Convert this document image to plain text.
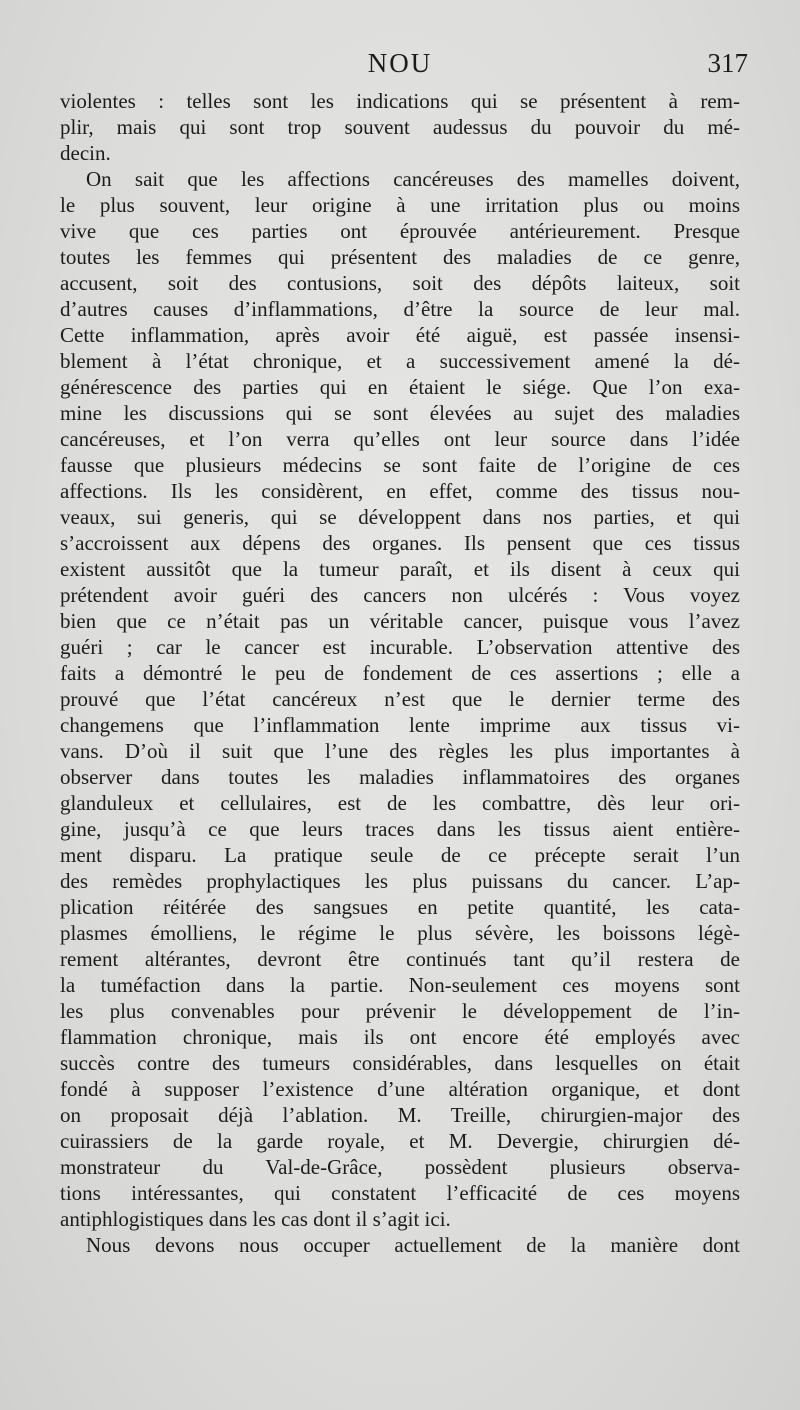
NOU	317
violentes : telles sont les indications qui se présentent à rem-
plir, mais qui sont trop souvent audessus du pouvoir du mé-
decin.
On sait que les affections cancéreuses des mamelles doivent,
le plus souvent, leur origine à une irritation plus ou moins
vive que ces parties ont éprouvée antérieurement. Presque
toutes les femmes qui présentent des maladies de ce genre,
accusent, soit des contusions, soit des dépôts laiteux, soit
d’autres causes d’inflammations, d’être la source de leur mal.
Cette inflammation, après avoir été aiguë, est passée insensi-
blement à l’état chronique, et a successivement amené la dé-
générescence des parties qui en étaient le siége. Que l’on exa-
mine les discussions qui se sont élevées au sujet des maladies
cancéreuses, et l’on verra qu’elles ont leur source dans l’idée
fausse que plusieurs médecins se sont faite de l’origine de ces
affections. Ils les considèrent, en effet, comme des tissus nou-
veaux, sui generis, qui se développent dans nos parties, et qui
s’accroissent aux dépens des organes. Ils pensent que ces tissus
existent aussitôt que la tumeur paraît, et ils disent à ceux qui
prétendent avoir guéri des cancers non ulcérés : Vous voyez
bien que ce n’était pas un véritable cancer, puisque vous l’avez
guéri ; car le cancer est incurable. L’observation attentive des
faits a démontré le peu de fondement de ces assertions ; elle a
prouvé que l’état cancéreux n’est que le dernier terme des
changemens que l’inflammation lente imprime aux tissus vi-
vans. D’où il suit que l’une des règles les plus importantes à
observer dans toutes les maladies inflammatoires des organes
glanduleux et cellulaires, est de les combattre, dès leur ori-
gine, jusqu’à ce que leurs traces dans les tissus aient entière-
ment disparu. La pratique seule de ce précepte serait l’un
des remèdes prophylactiques les plus puissans du cancer. L’ap-
plication réitérée des sangsues en petite quantité, les cata-
plasmes émolliens, le régime le plus sévère, les boissons légè-
rement altérantes, devront être continués tant qu’il restera de
la tuméfaction dans la partie. Non-seulement ces moyens sont
les plus convenables pour prévenir le développement de l’in-
flammation chronique, mais ils ont encore été employés avec
succès contre des tumeurs considérables, dans lesquelles on était
fondé à supposer l’existence d’une altération organique, et dont
on proposait déjà l’ablation. M. Treille, chirurgien-major des
cuirassiers de la garde royale, et M. Devergie, chirurgien dé-
monstrateur du Val-de-Grâce, possèdent plusieurs observa-
tions intéressantes, qui constatent l’efficacité de ces moyens
antiphlogistiques dans les cas dont il s’agit ici.
Nous devons nous occuper actuellement de la manière dont
